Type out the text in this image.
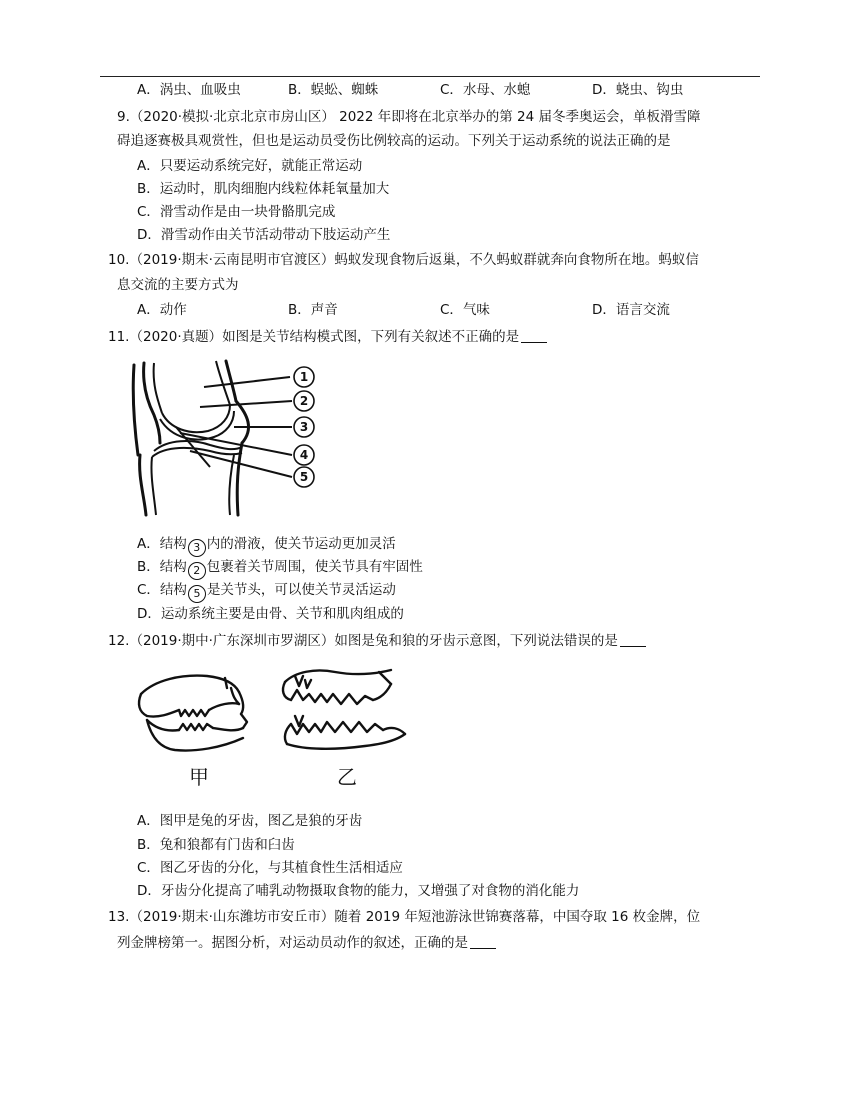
A．涡虫、血吸虫	B．蜈蚣、蜘蛛	C．水母、水螅	D．蛲虫、钩虫
9.（2020·模拟·北京北京市房山区） 2022 年即将在北京举办的第 24 届冬季奥运会，单板滑雪障
碍追逐赛极具观赏性，但也是运动员受伤比例较高的运动。下列关于运动系统的说法正确的是
A．只要运动系统完好，就能正常运动
B．运动时，肌肉细胞内线粒体耗氧量加大
C．滑雪动作是由一块骨骼肌完成
D．滑雪动作由关节活动带动下肢运动产生
10.（2019·期末·云南昆明市官渡区）蚂蚁发现食物后返巢，不久蚂蚁群就奔向食物所在地。蚂蚁信
息交流的主要方式为
A．动作	B．声音	C．气味	D．语言交流
11.（2020·真题）如图是关节结构模式图，下列有关叙述不正确的是
1
2
3
4
5
A．结构 3 内的滑液，使关节运动更加灵活
B．结构 2 包裹着关节周围，使关节具有牢固性
C．结构 5 是关节头，可以使关节灵活运动
D．运动系统主要是由骨、关节和肌肉组成的
12.（2019·期中·广东深圳市罗湖区）如图是兔和狼的牙齿示意图，下列说法错误的是
甲	乙
A．图甲是兔的牙齿，图乙是狼的牙齿
B．兔和狼都有门齿和臼齿
C．图乙牙齿的分化，与其植食性生活相适应
D．牙齿分化提高了哺乳动物摄取食物的能力，又增强了对食物的消化能力
13.（2019·期末·山东潍坊市安丘市）随着 2019 年短池游泳世锦赛落幕，中国夺取 16 枚金牌，位
列金牌榜第一。据图分析，对运动员动作的叙述，正确的是
